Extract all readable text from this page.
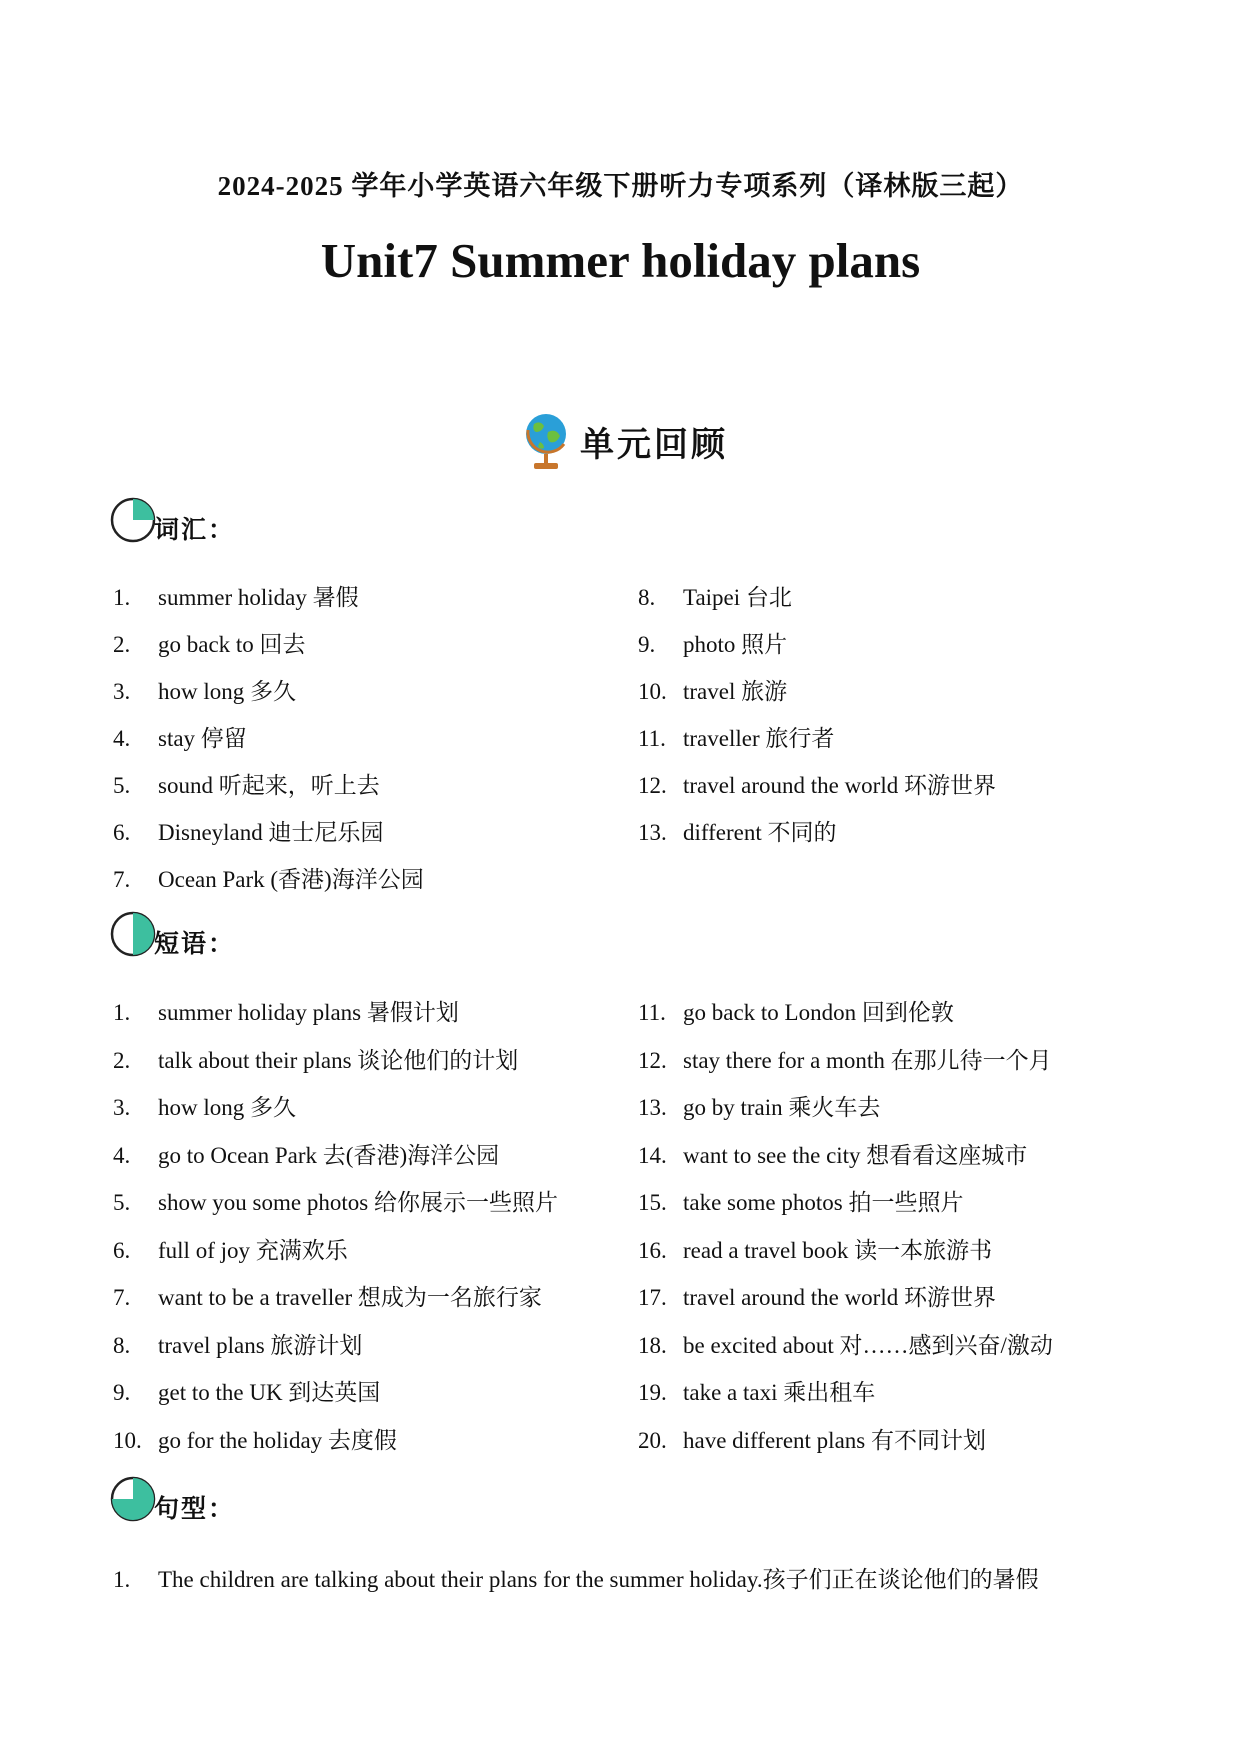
2024-2025 学年小学英语六年级下册听力专项系列（译林版三起）
Unit7 Summer holiday plans
单元回顾
词汇：
1. summer holiday 暑假
2. go back to 回去
3. how long 多久
4. stay 停留
5. sound 听起来，听上去
6. Disneyland 迪士尼乐园
7. Ocean Park (香港)海洋公园
8. Taipei 台北
9. photo 照片
10. travel 旅游
11. traveller 旅行者
12. travel around the world 环游世界
13. different 不同的
短语：
1. summer holiday plans 暑假计划
2. talk about their plans 谈论他们的计划
3. how long 多久
4. go to Ocean Park 去(香港)海洋公园
5. show you some photos 给你展示一些照片
6. full of joy 充满欢乐
7. want to be a traveller 想成为一名旅行家
8. travel plans 旅游计划
9. get to the UK 到达英国
10. go for the holiday 去度假
11. go back to London 回到伦敦
12. stay there for a month 在那儿待一个月
13. go by train 乘火车去
14. want to see the city 想看看这座城市
15. take some photos 拍一些照片
16. read a travel book 读一本旅游书
17. travel around the world 环游世界
18. be excited about 对……感到兴奋/激动
19. take a taxi 乘出租车
20. have different plans 有不同计划
句型：
1. The children are talking about their plans for the summer holiday.孩子们正在谈论他们的暑假
